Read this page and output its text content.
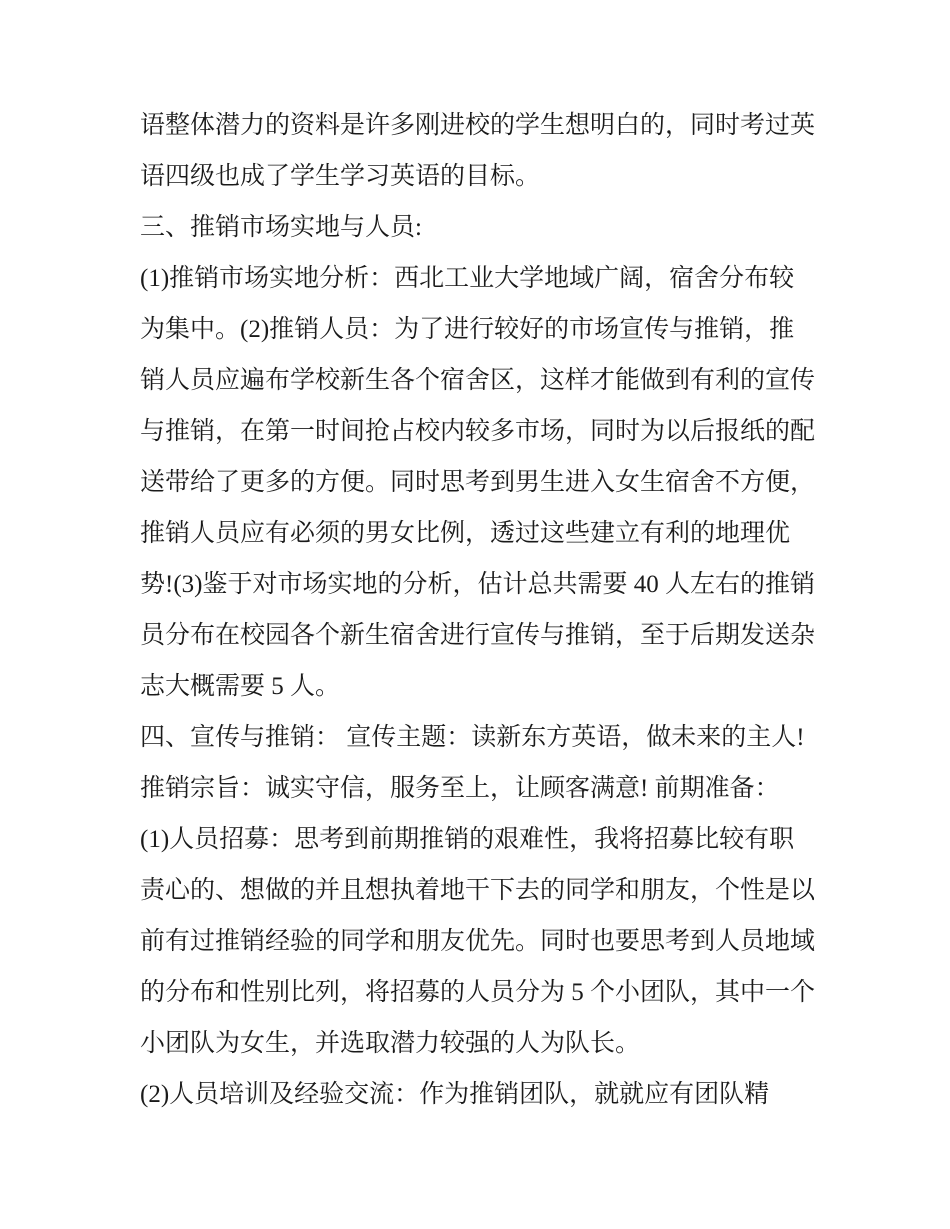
语整体潜力的资料是许多刚进校的学生想明白的，同时考过英
语四级也成了学生学习英语的目标。
三、推销市场实地与人员:
(1)推销市场实地分析：西北工业大学地域广阔，宿舍分布较
为集中。(2)推销人员：为了进行较好的市场宣传与推销，推
销人员应遍布学校新生各个宿舍区，这样才能做到有利的宣传
与推销，在第一时间抢占校内较多市场，同时为以后报纸的配
送带给了更多的方便。同时思考到男生进入女生宿舍不方便，
推销人员应有必须的男女比例，透过这些建立有利的地理优
势!(3)鉴于对市场实地的分析，估计总共需要 40 人左右的推销
员分布在校园各个新生宿舍进行宣传与推销，至于后期发送杂
志大概需要 5 人。
四、宣传与推销： 宣传主题：读新东方英语，做未来的主人!
推销宗旨：诚实守信，服务至上，让顾客满意! 前期准备：
(1)人员招募：思考到前期推销的艰难性，我将招募比较有职
责心的、想做的并且想执着地干下去的同学和朋友，个性是以
前有过推销经验的同学和朋友优先。同时也要思考到人员地域
的分布和性别比列，将招募的人员分为 5 个小团队，其中一个
小团队为女生，并选取潜力较强的人为队长。
(2)人员培训及经验交流：作为推销团队，就就应有团队精
